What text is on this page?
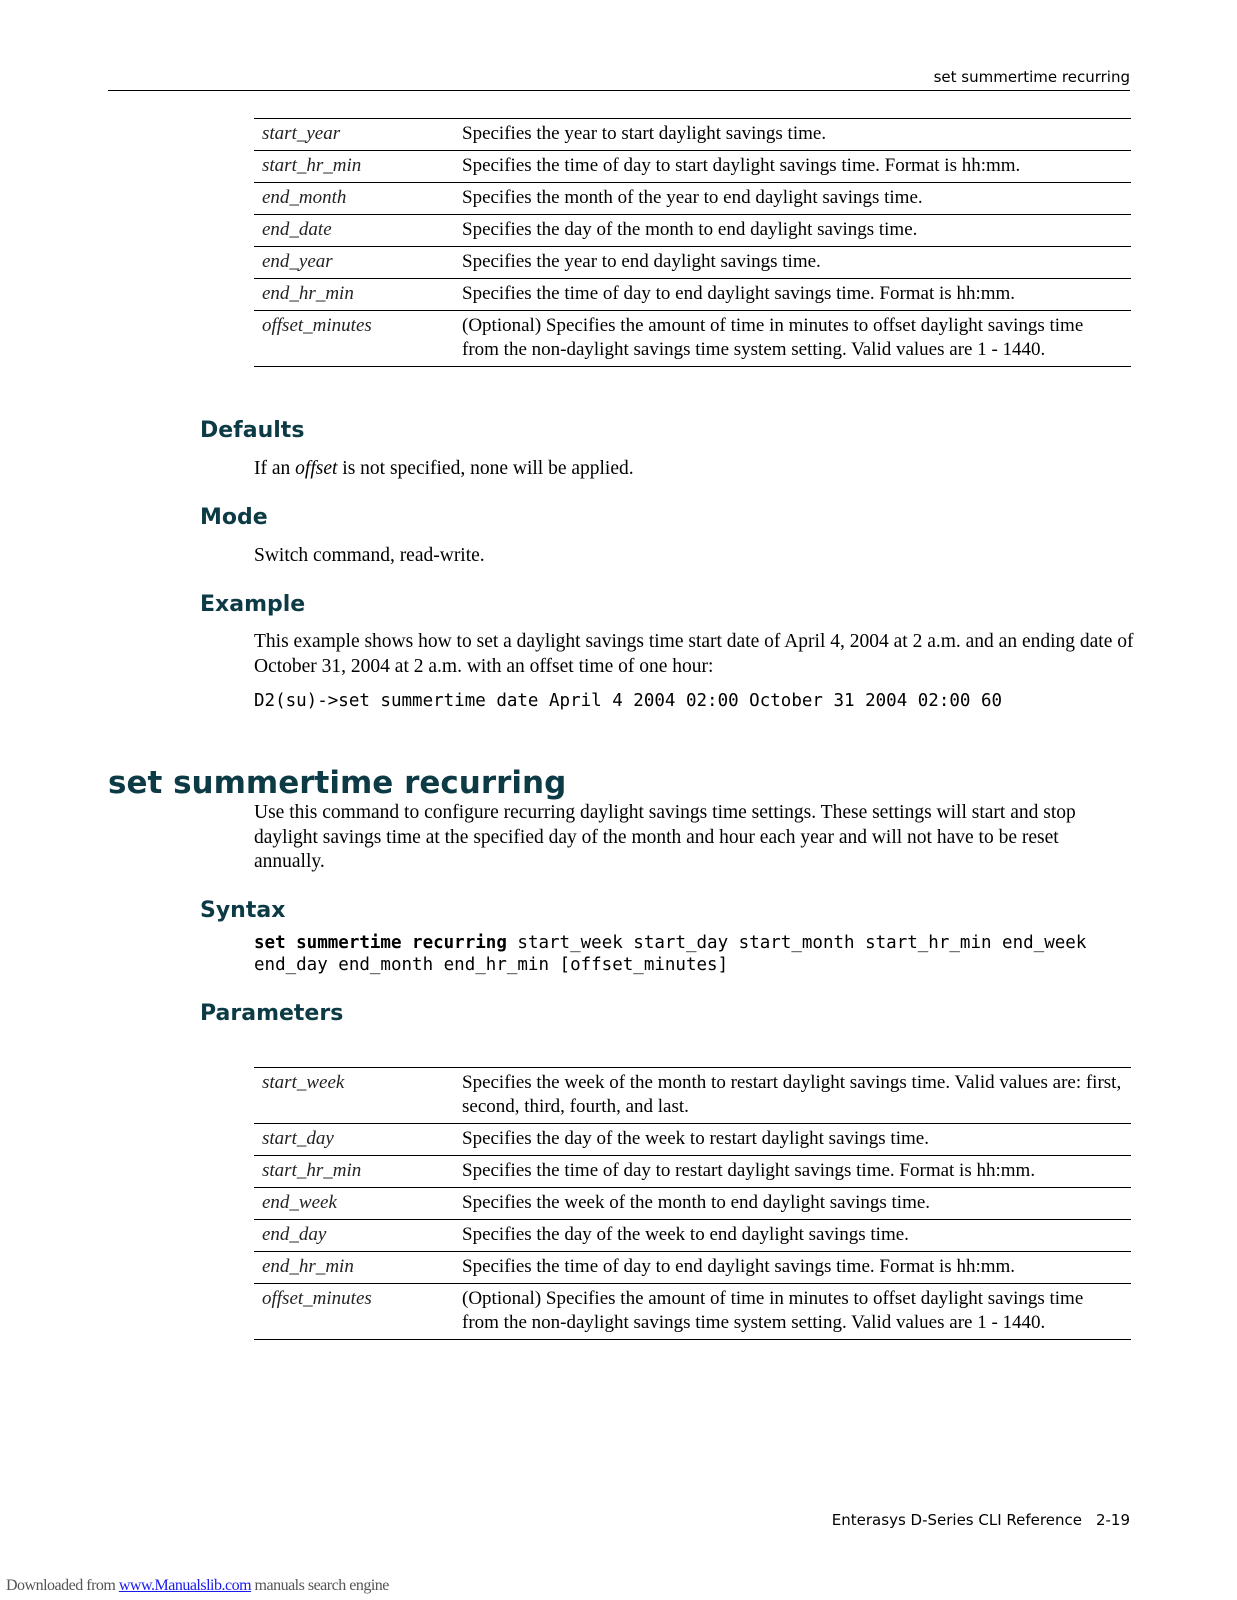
set summertime recurring
start_year	Specifies the year to start daylight savings time.
start_hr_min	Specifies the time of day to start daylight savings time. Format is hh:mm.
end_month	Specifies the month of the year to end daylight savings time.
end_date	Specifies the day of the month to end daylight savings time.
end_year	Specifies the year to end daylight savings time.
end_hr_min	Specifies the time of day to end daylight savings time. Format is hh:mm.
offset_minutes	(Optional) Specifies the amount of time in minutes to offset daylight savings time from the non-daylight savings time system setting. Valid values are 1 - 1440.
Defaults
If an offset is not specified, none will be applied.
Mode
Switch command, read-write.
Example
This example shows how to set a daylight savings time start date of April 4, 2004 at 2 a.m. and an ending date of October 31, 2004 at 2 a.m. with an offset time of one hour:
D2(su)->set summertime date April 4 2004 02:00 October 31 2004 02:00 60
set summertime recurring
Use this command to configure recurring daylight savings time settings. These settings will start and stop daylight savings time at the specified day of the month and hour each year and will not have to be reset annually.
Syntax
set summertime recurring start_week start_day start_month start_hr_min end_week
end_day end_month end_hr_min [offset_minutes]
Parameters
start_week	Specifies the week of the month to restart daylight savings time. Valid values are: first, second, third, fourth, and last.
start_day	Specifies the day of the week to restart daylight savings time.
start_hr_min	Specifies the time of day to restart daylight savings time. Format is hh:mm.
end_week	Specifies the week of the month to end daylight savings time.
end_day	Specifies the day of the week to end daylight savings time.
end_hr_min	Specifies the time of day to end daylight savings time. Format is hh:mm.
offset_minutes	(Optional) Specifies the amount of time in minutes to offset daylight savings time from the non-daylight savings time system setting. Valid values are 1 - 1440.
Enterasys D-Series CLI Reference 2-19
Downloaded from www.Manualslib.com manuals search engine
